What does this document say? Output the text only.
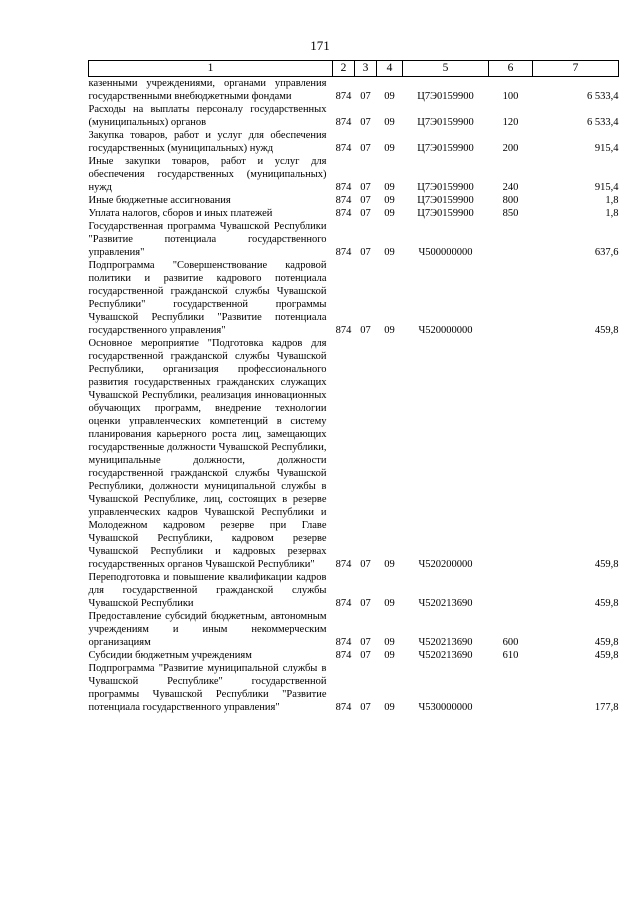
171
1	2	3	4	5	6	7
казенными учреждениями, органами управления государственными внебюджетными фондами	874	07	09	Ц7Э0159900	100	6 533,4
Расходы на выплаты персоналу государственных (муниципальных) органов	874	07	09	Ц7Э0159900	120	6 533,4
Закупка товаров, работ и услуг для обеспечения государственных (муниципальных) нужд	874	07	09	Ц7Э0159900	200	915,4
Иные закупки товаров, работ и услуг для обеспечения государственных (муниципальных) нужд	874	07	09	Ц7Э0159900	240	915,4
Иные бюджетные ассигнования	874	07	09	Ц7Э0159900	800	1,8
Уплата налогов, сборов и иных платежей	874	07	09	Ц7Э0159900	850	1,8
Государственная программа Чувашской Республики "Развитие потенциала государственного управления"	874	07	09	Ч500000000		637,6
Подпрограмма "Совершенствование кадровой политики и развитие кадрового потенциала государственной гражданской службы Чувашской Республики" государственной программы Чувашской Республики "Развитие потенциала государственного управления"	874	07	09	Ч520000000		459,8
Основное мероприятие "Подготовка кадров для государственной гражданской службы Чувашской Республики, организация профессионального развития государственных гражданских служащих Чувашской Республики, реализация инновационных обучающих программ, внедрение технологии оценки управленческих компетенций в систему планирования карьерного роста лиц, замещающих государственные должности Чувашской Республики, муниципальные должности, должности государственной гражданской службы Чувашской Республики, должности муниципальной службы в Чувашской Республике, лиц, состоящих в резерве управленческих кадров Чувашской Республики и Молодежном кадровом резерве при Главе Чувашской Республики, кадровом резерве Чувашской Республики и кадровых резервах государственных органов Чувашской Республики"	874	07	09	Ч520200000		459,8
Переподготовка и повышение квалификации кадров для государственной гражданской службы Чувашской Республики	874	07	09	Ч520213690		459,8
Предоставление субсидий бюджетным, автономным учреждениям и иным некоммерческим организациям	874	07	09	Ч520213690	600	459,8
Субсидии бюджетным учреждениям	874	07	09	Ч520213690	610	459,8
Подпрограмма "Развитие муниципальной службы в Чувашской Республике" государственной программы Чувашской Республики "Развитие потенциала государственного управления"	874	07	09	Ч530000000		177,8
